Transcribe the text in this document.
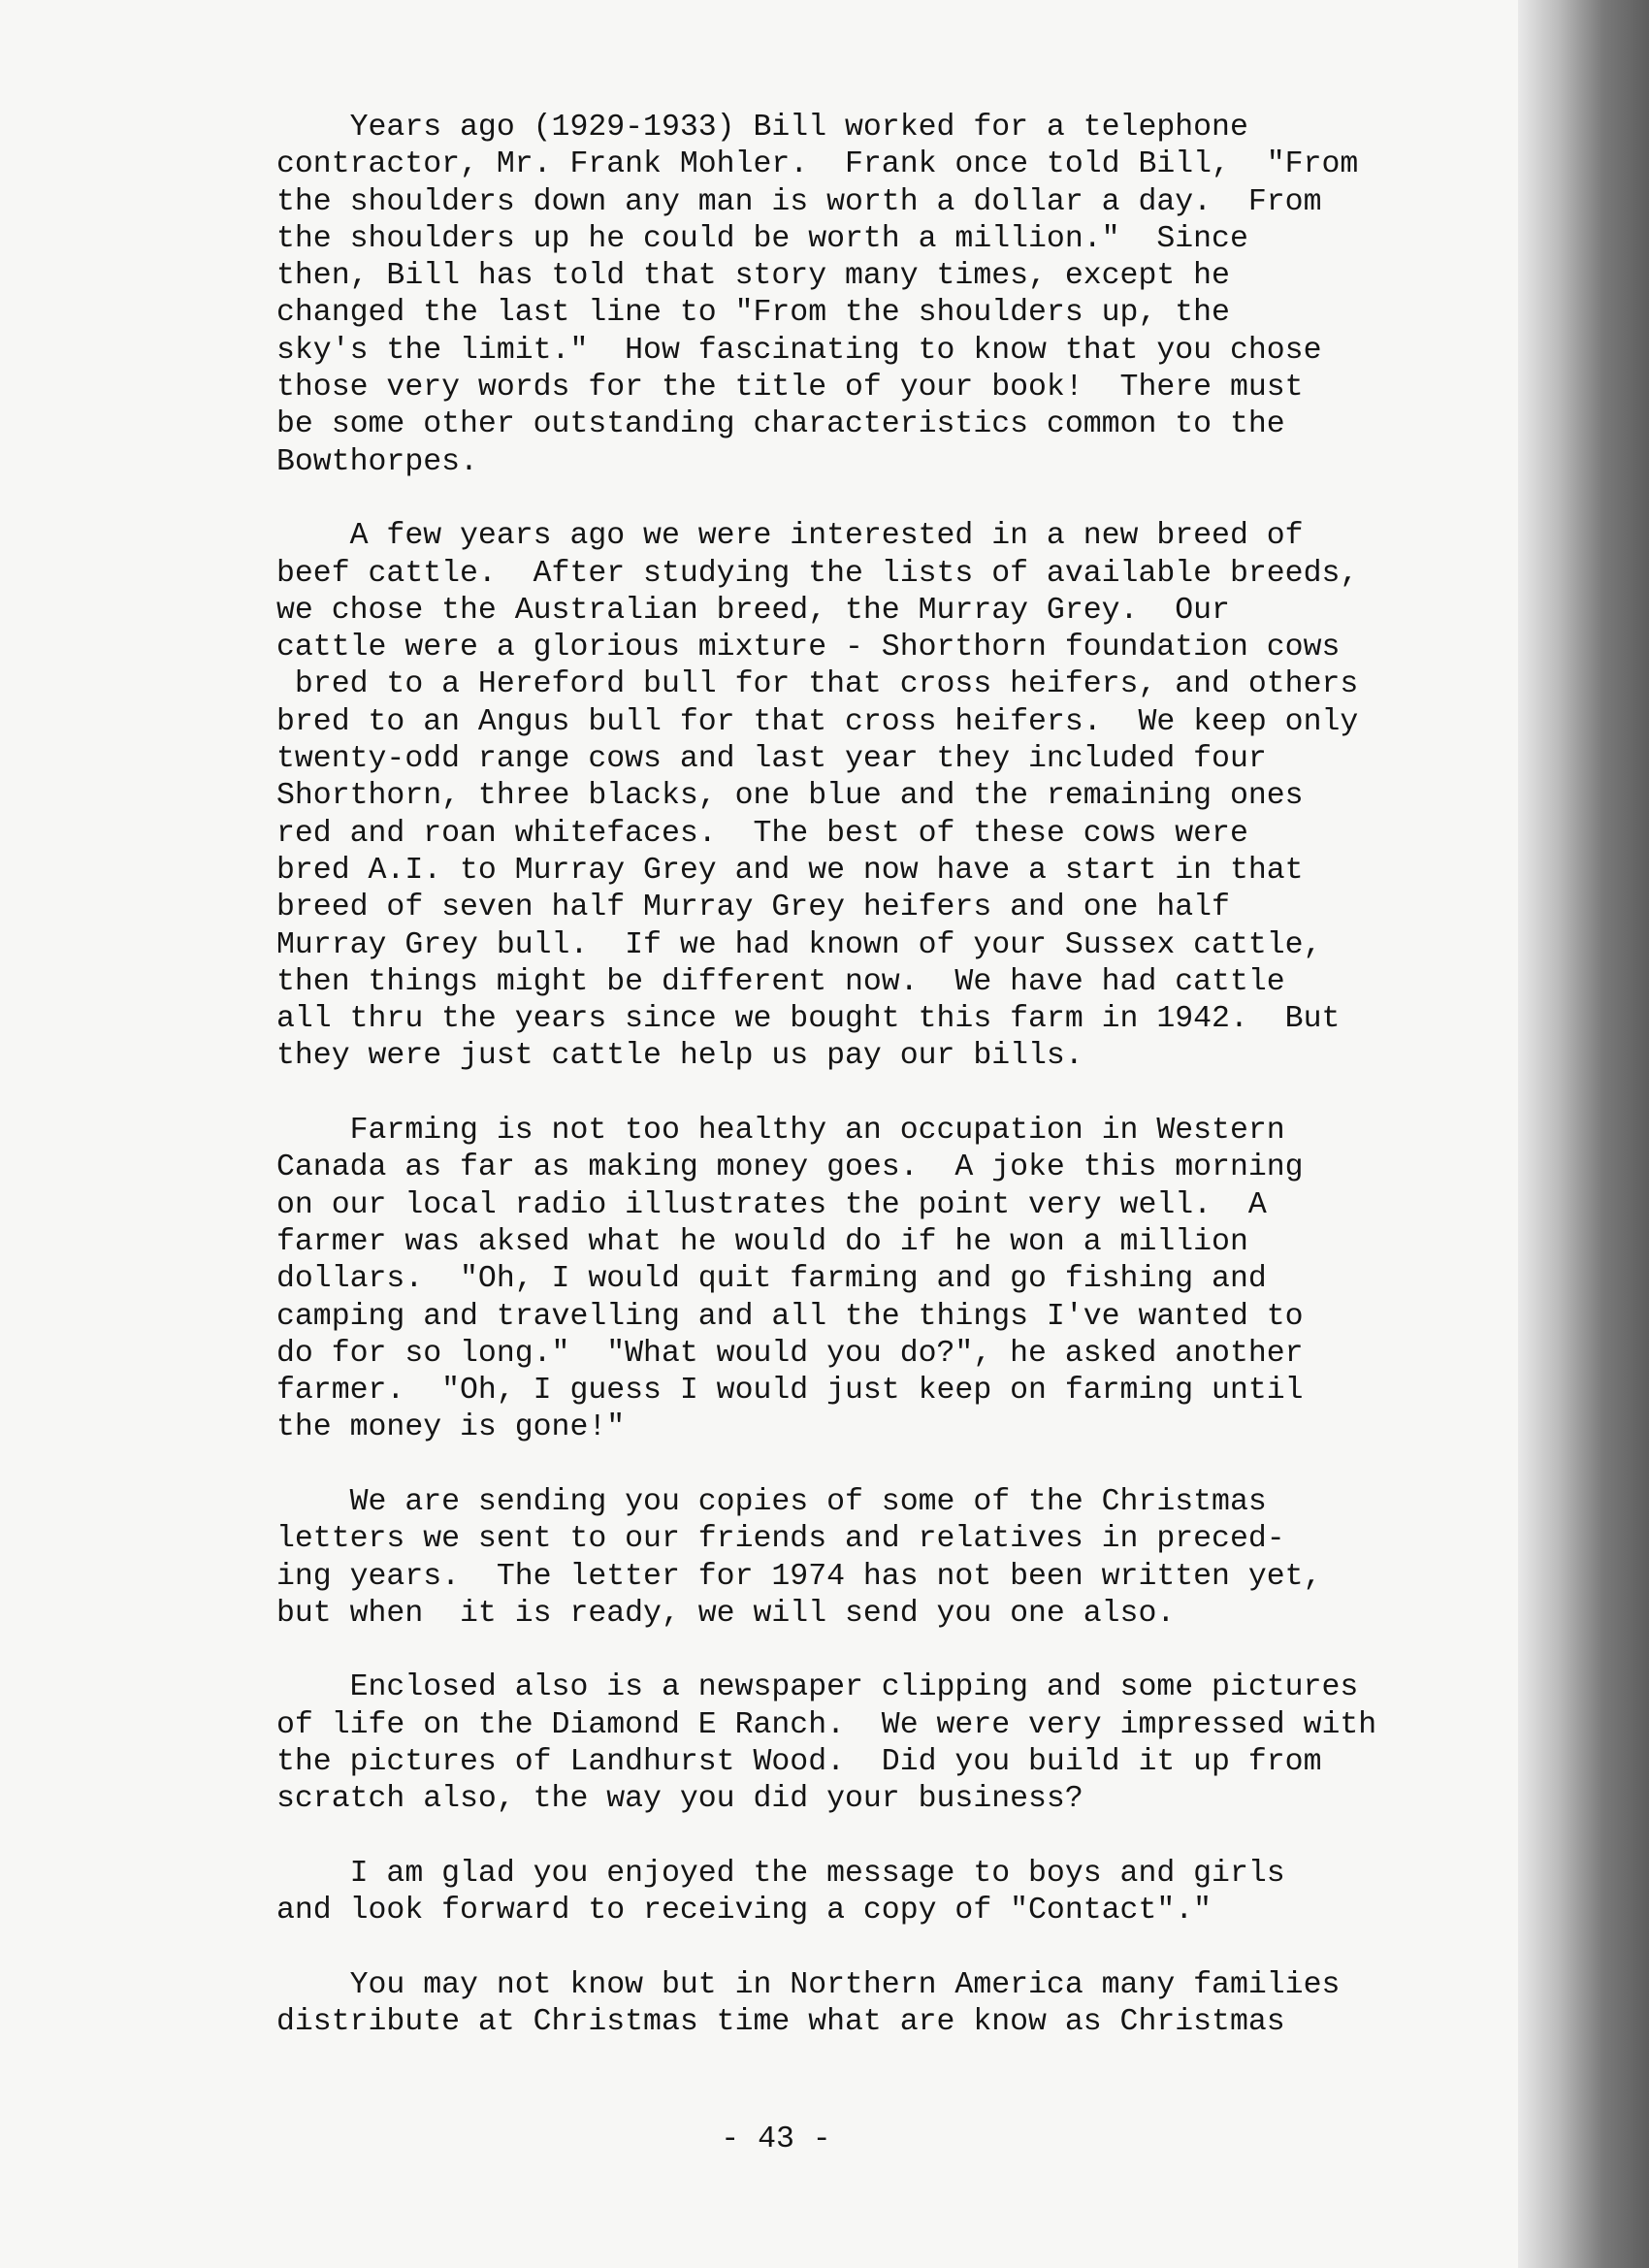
Years ago (1929-1933) Bill worked for a telephone
contractor, Mr. Frank Mohler.  Frank once told Bill,  "From
the shoulders down any man is worth a dollar a day.  From
the shoulders up he could be worth a million."  Since
then, Bill has told that story many times, except he
changed the last line to "From the shoulders up, the
sky's the limit."  How fascinating to know that you chose
those very words for the title of your book!  There must
be some other outstanding characteristics common to the
Bowthorpes.
A few years ago we were interested in a new breed of
beef cattle.  After studying the lists of available breeds,
we chose the Australian breed, the Murray Grey.  Our
cattle were a glorious mixture - Shorthorn foundation cows
bred to a Hereford bull for that cross heifers, and others
bred to an Angus bull for that cross heifers.  We keep only
twenty-odd range cows and last year they included four
Shorthorn, three blacks, one blue and the remaining ones
red and roan whitefaces.  The best of these cows were
bred A.I. to Murray Grey and we now have a start in that
breed of seven half Murray Grey heifers and one half
Murray Grey bull.  If we had known of your Sussex cattle,
then things might be different now.  We have had cattle
all thru the years since we bought this farm in 1942.  But
they were just cattle help us pay our bills.
Farming is not too healthy an occupation in Western
Canada as far as making money goes.  A joke this morning
on our local radio illustrates the point very well.  A
farmer was aksed what he would do if he won a million
dollars.  "Oh, I would quit farming and go fishing and
camping and travelling and all the things I've wanted to
do for so long."  "What would you do?", he asked another
farmer.  "Oh, I guess I would just keep on farming until
the money is gone!"
We are sending you copies of some of the Christmas
letters we sent to our friends and relatives in preced-
ing years.  The letter for 1974 has not been written yet,
but when  it is ready, we will send you one also.
Enclosed also is a newspaper clipping and some pictures
of life on the Diamond E Ranch.  We were very impressed with
the pictures of Landhurst Wood.  Did you build it up from
scratch also, the way you did your business?
I am glad you enjoyed the message to boys and girls
and look forward to receiving a copy of "Contact"."
You may not know but in Northern America many families
distribute at Christmas time what are know as Christmas
- 43 -
